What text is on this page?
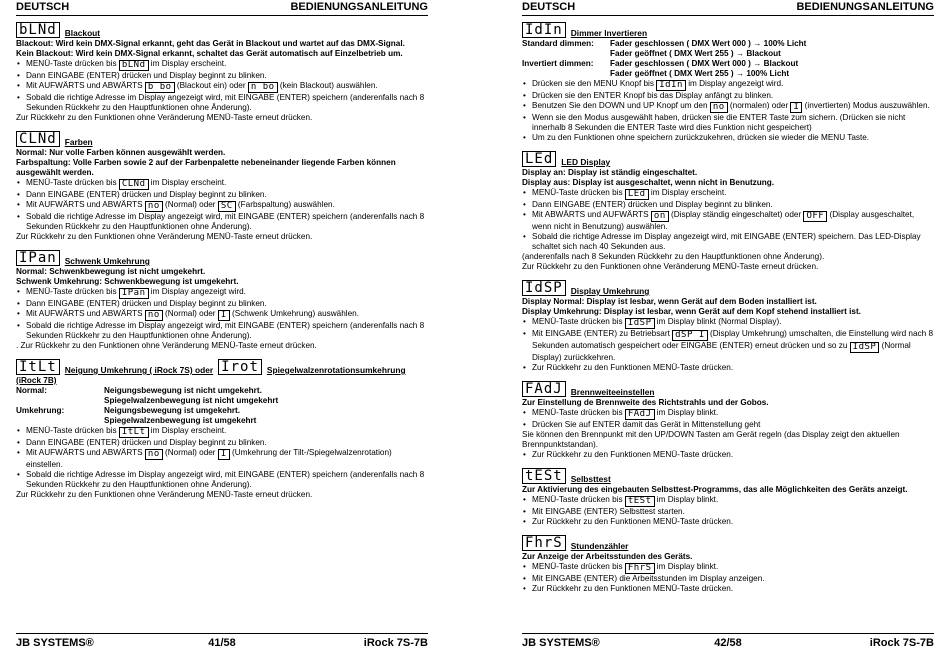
DEUTSCH	BEDIENUNGSANLEITUNG
bLNd Blackout
Blackout: Wird kein DMX-Signal erkannt, geht das Gerät in Blackout und wartet auf das DMX-Signal.
Kein Blackout: Wird kein DMX-Signal erkannt, schaltet das Gerät automatisch auf Einzelbetrieb um.
• MENÜ-Taste drücken bis bLNd im Display erscheint.
• Dann EINGABE (ENTER) drücken und Display beginnt zu blinken.
• Mit AUFWÄRTS und ABWÄRTS b bo (Blackout ein) oder n bo (kein Blackout) auswählen.
• Sobald die richtige Adresse im Display angezeigt wird, mit EINGABE (ENTER) speichern (anderenfalls nach 8 Sekunden Rückkehr zu den Hauptfunktionen ohne Änderung).
Zur Rückkehr zu den Funktionen ohne Veränderung MENÜ-Taste erneut drücken.
CLNd Farben
Normal: Nur volle Farben können ausgewählt werden.
Farbspaltung: Volle Farben sowie 2 auf der Farbenpalette nebeneinander liegende Farben können ausgewählt werden.
• MENÜ-Taste drücken bis CLNd im Display erscheint.
• Dann EINGABE (ENTER) drücken und Display beginnt zu blinken.
• Mit AUFWÄRTS und ABWÄRTS no (Normal) oder SC (Farbspaltung) auswählen.
• Sobald die richtige Adresse im Display angezeigt wird, mit EINGABE (ENTER) speichern (anderenfalls nach 8 Sekunden Rückkehr zu den Hauptfunktionen ohne Änderung).
Zur Rückkehr zu den Funktionen ohne Veränderung MENÜ-Taste erneut drücken.
IPan Schwenk Umkehrung
Normal: Schwenkbewegung ist nicht umgekehrt.
Schwenk Umkehrung: Schwenkbewegung ist umgekehrt.
• MENÜ-Taste drücken bis IPan im Display angezeigt wird.
• Dann EINGABE (ENTER) drücken und Display beginnt zu blinken.
• Mit AUFWÄRTS und ABWÄRTS no (Normal) oder I (Schwenk Umkehrung) auswählen.
• Sobald die richtige Adresse im Display angezeigt wird, mit EINGABE (ENTER) speichern (anderenfalls nach 8 Sekunden Rückkehr zu den Hauptfunktionen ohne Änderung).
. Zur Rückkehr zu den Funktionen ohne Veränderung MENÜ-Taste erneut drücken.
ItLt Neigung Umkehrung ( iRock 7S) oder Irot Spiegelwalzenrotationsumkehrung
(iRock 7B)
Normal:	Neigungsbewegung ist nicht umgekehrt.
Spiegelwalzenbewegung ist nicht umgekehrt
Umkehrung:	Neigungsbewegung ist umgekehrt.
Spiegelwalzenbewegung ist umgekehrt
• MENÜ-Taste drücken bis ItLt im Display erscheint.
• Dann EINGABE (ENTER) drücken und Display beginnt zu blinken.
• Mit AUFWÄRTS und ABWÄRTS no (Normal) oder I (Umkehrung der Tilt-/Spiegelwalzenrotation) einstellen.
• Sobald die richtige Adresse im Display angezeigt wird, mit EINGABE (ENTER) speichern (anderenfalls nach 8 Sekunden Rückkehr zu den Hauptfunktionen ohne Änderung).
Zur Rückkehr zu den Funktionen ohne Veränderung MENÜ-Taste erneut drücken.
JB SYSTEMS®	41/58	iRock 7S-7B
DEUTSCH	BEDIENUNGSANLEITUNG
IdIn Dimmer Invertieren
Standard dimmen:	Fader geschlossen ( DMX Wert 000 ) → 100% Licht
Fader geöffnet ( DMX Wert 255 ) → Blackout
Invertiert dimmen:	Fader geschlossen ( DMX Wert 000 ) → Blackout
Fader geöffnet ( DMX Wert 255 ) → 100% Licht
• Drücken sie den MENU Knopf bis IdIn im Display angezeigt wird.
• Drücken sie den ENTER Knopf bis das Display anfängt zu blinken.
• Benutzen Sie den DOWN und UP Knopf um den no (normalen) oder I (invertierten) Modus auszuwählen.
• Wenn sie den Modus ausgewählt haben, drücken sie die ENTER Taste zum sichern. (Drücken sie nicht innerhalb 8 Sekunden die ENTER Taste wird dies Funktion nicht gespeichert)
• Um zu den Funktionen ohne speichern zurückzukehren, drücken sie wieder die MENU Taste.
LEd LED Display
Display an: Display ist ständig eingeschaltet.
Display aus: Display ist ausgeschaltet, wenn nicht in Benutzung.
• MENÜ-Taste drücken bis LEd im Display erscheint.
• Dann EINGABE (ENTER) drücken und Display beginnt zu blinken.
• Mit ABWÄRTS und AUFWÄRTS on (Display ständig eingeschaltet) oder OFF (Display ausgeschaltet, wenn nicht in Benutzung) auswählen.
• Sobald die richtige Adresse im Display angezeigt wird, mit EINGABE (ENTER) speichern. Das LED-Display schaltet sich nach 40 Sekunden aus.
(anderenfalls nach 8 Sekunden Rückkehr zu den Hauptfunktionen ohne Änderung).
Zur Rückkehr zu den Funktionen ohne Veränderung MENÜ-Taste erneut drücken.
IdSP Display Umkehrung
Display Normal: Display ist lesbar, wenn Gerät auf dem Boden installiert ist.
Display Umkehrung: Display ist lesbar, wenn Gerät auf dem Kopf stehend installiert ist.
• MENÜ-Taste drücken bis IdSP im Display blinkt (Normal Display).
• Mit EINGABE (ENTER) zu Betriebsart dSP I (Display Umkehrung) umschalten, die Einstellung wird nach 8 Sekunden automatisch gespeichert oder EINGABE (ENTER) erneut drücken und so zu IdSP (Normal Display) zurückkehren.
• Zur Rückkehr zu den Funktionen MENÜ-Taste drücken.
FAdJ Brennweiteeinstellen
Zur Einstellung de Brennweite des Richtstrahls und der Gobos.
• MENÜ-Taste drücken bis FAdJ im Display blinkt.
• Drücken Sie auf ENTER damit das Gerät in Mittenstellung geht
Sie können den Brennpunkt mit den UP/DOWN Tasten am Gerät regeln (das Display zeigt den aktuellen Brennpunktstandan).
• Zur Rückkehr zu den Funktionen MENÜ-Taste drücken.
tESt Selbsttest
Zur Aktivierung des eingebauten Selbsttest-Programms, das alle Möglichkeiten des Geräts anzeigt.
• MENÜ-Taste drücken bis tESt im Display blinkt.
• Mit EINGABE (ENTER) Selbsttest starten.
• Zur Rückkehr zu den Funktionen MENÜ-Taste drücken.
FhrS Stundenzähler
Zur Anzeige der Arbeitsstunden des Geräts.
• MENÜ-Taste drücken bis FhrS im Display blinkt.
• Mit EINGABE (ENTER) die Arbeitsstunden im Display anzeigen.
• Zur Rückkehr zu den Funktionen MENÜ-Taste drücken.
JB SYSTEMS®	42/58	iRock 7S-7B
